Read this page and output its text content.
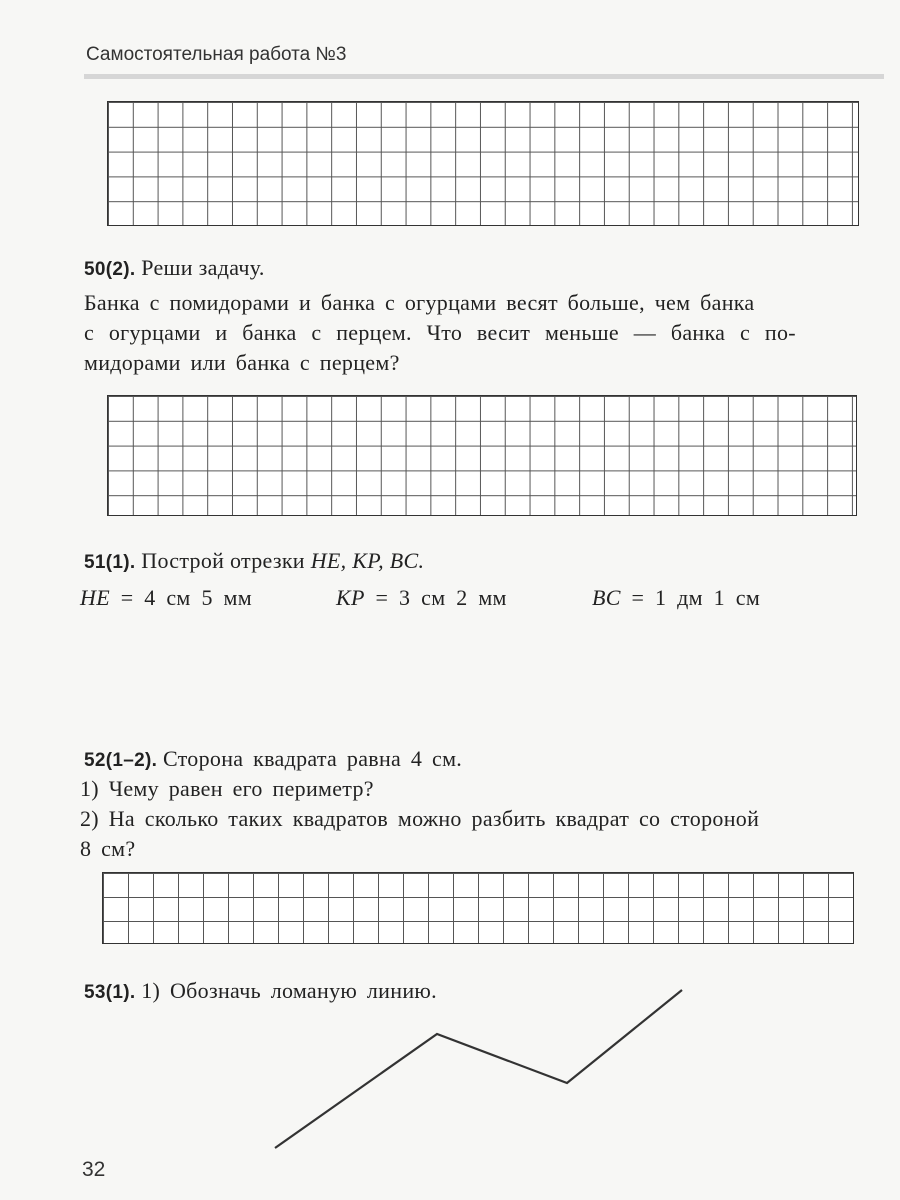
Самостоятельная работа №3
50(2). Реши задачу.
Банка с помидорами и банка с огурцами весят больше, чем банка
с огурцами и банка с перцем. Что весит меньше — банка с по-
мидорами или банка с перцем?
51(1). Построй отрезки HE, KP, BC.
HE = 4 см 5 мм	KP = 3 см 2 мм	BC = 1 дм 1 см
52(1–2). Сторона квадрата равна 4 см.
1) Чему равен его периметр?
2) На сколько таких квадратов можно разбить квадрат со стороной
8 см?
53(1). 1) Обозначь ломаную линию.
32
